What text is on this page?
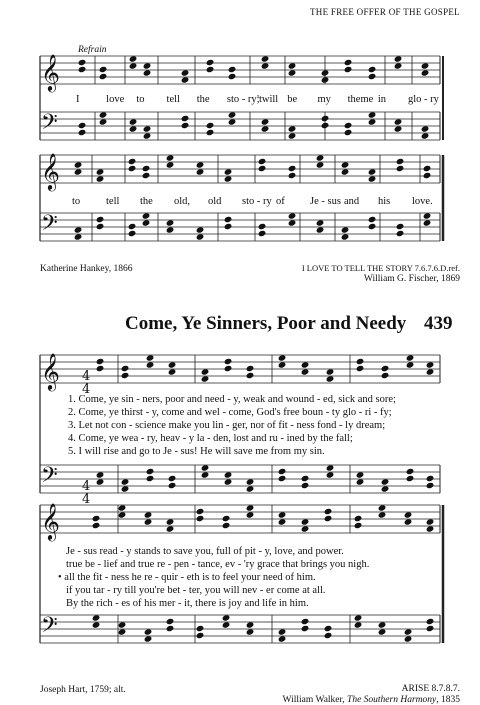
THE FREE OFFER OF THE GOSPEL
𝄞
𝄞
𝄞
𝄞
𝄢
𝄢
𝄢
𝄢
4
4
4
4
Refrain
I	love to tell the sto - ry;
'twill be my theme in glo - ry
to tell the old, old sto - ry of Je - sus and his love.
Katherine Hankey, 1866	I LOVE TO TELL THE STORY 7.6.7.6.D.ref.
William G. Fischer, 1869
Come, Ye Sinners, Poor and Needy 439
1. Come, ye sin - ners, poor and need - y, weak and wound - ed, sick and sore;
2. Come, ye thirst - y, come and wel - come, God's free boun - ty glo - ri - fy;
3. Let not con - science make you lin - ger, nor of fit - ness fond - ly dream;
4. Come, ye wea - ry, heav - y la - den, lost and ru - ined by the fall;
5. I will rise and go to Je - sus! He will save me from my sin.
Je - sus read - y stands to save you, full of pit - y, love, and power.
true be - lief and true re - pen - tance, ev - 'ry grace that brings you nigh.
• all the fit - ness he re - quir - eth is to feel your need of him.
if you tar - ry till you're bet - ter, you will nev - er come at all.
By the rich - es of his mer - it, there is joy and life in him.
Joseph Hart, 1759; alt.	ARISE 8.7.8.7.
William Walker, The Southern Harmony, 1835
